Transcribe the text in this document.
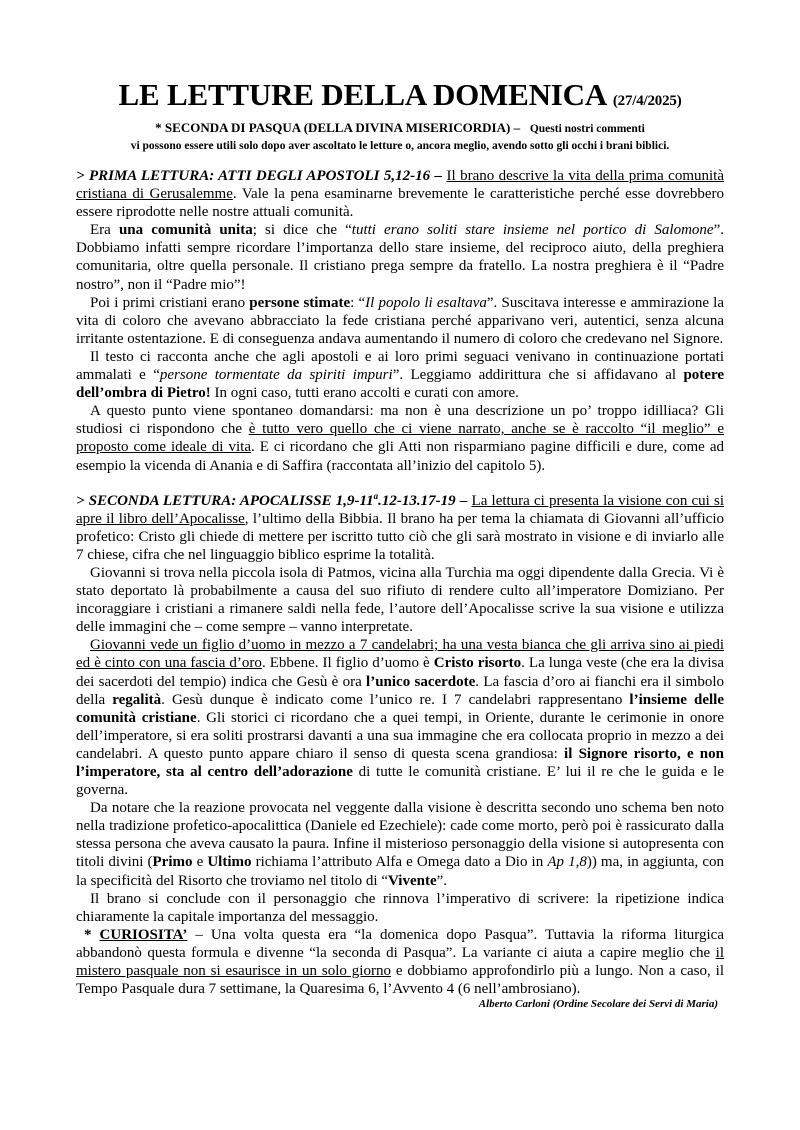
LE LETTURE DELLA DOMENICA (27/4/2025)
* SECONDA DI PASQUA (DELLA DIVINA MISERICORDIA) – Questi nostri commenti
vi possono essere utili solo dopo aver ascoltato le letture o, ancora meglio, avendo sotto gli occhi i brani biblici.

> PRIMA LETTURA: ATTI DEGLI APOSTOLI 5,12-16 – Il brano descrive la vita della prima comunità cristiana di Gerusalemme. Vale la pena esaminarne brevemente le caratteristiche perché esse dovrebbero essere riprodotte nelle nostre attuali comunità.

Era una comunità unita; si dice che “tutti erano soliti stare insieme nel portico di Salomone”. Dobbiamo infatti sempre ricordare l’importanza dello stare insieme, del reciproco aiuto, della preghiera comunitaria, oltre quella personale. Il cristiano prega sempre da fratello. La nostra preghiera è il “Padre nostro”, non il “Padre mio”!

Poi i primi cristiani erano persone stimate: “Il popolo li esaltava”. Suscitava interesse e ammirazione la vita di coloro che avevano abbracciato la fede cristiana perché apparivano veri, autentici, senza alcuna irritante ostentazione. E di conseguenza andava aumentando il numero di coloro che credevano nel Signore.

Il testo ci racconta anche che agli apostoli e ai loro primi seguaci venivano in continuazione portati ammalati e “persone tormentate da spiriti impuri”. Leggiamo addirittura che si affidavano al potere dell’ombra di Pietro! In ogni caso, tutti erano accolti e curati con amore.

A questo punto viene spontaneo domandarsi: ma non è una descrizione un po’ troppo idilliaca? Gli studiosi ci rispondono che è tutto vero quello che ci viene narrato, anche se è raccolto “il meglio” e proposto come ideale di vita. E ci ricordano che gli Atti non risparmiano pagine difficili e dure, come ad esempio la vicenda di Anania e di Saffira (raccontata all’inizio del capitolo 5).

> SECONDA LETTURA: APOCALISSE 1,9-11$^a$.12-13.17-19 – La lettura ci presenta la visione con cui si apre il libro dell’Apocalisse, l’ultimo della Bibbia. Il brano ha per tema la chiamata di Giovanni all’ufficio profetico: Cristo gli chiede di mettere per iscritto tutto ciò che gli sarà mostrato in visione e di inviarlo alle 7 chiese, cifra che nel linguaggio biblico esprime la totalità.

Giovanni si trova nella piccola isola di Patmos, vicina alla Turchia ma oggi dipendente dalla Grecia. Vi è stato deportato là probabilmente a causa del suo rifiuto di rendere culto all’imperatore Domiziano. Per incoraggiare i cristiani a rimanere saldi nella fede, l’autore dell’Apocalisse scrive la sua visione e utilizza delle immagini che – come sempre – vanno interpretate.

Giovanni vede un figlio d’uomo in mezzo a 7 candelabri; ha una vesta bianca che gli arriva sino ai piedi ed è cinto con una fascia d’oro. Ebbene. Il figlio d’uomo è Cristo risorto. La lunga veste (che era la divisa dei sacerdoti del tempio) indica che Gesù è ora l’unico sacerdote. La fascia d’oro ai fianchi era il simbolo della regalità. Gesù dunque è indicato come l’unico re. I 7 candelabri rappresentano l’insieme delle comunità cristiane. Gli storici ci ricordano che a quei tempi, in Oriente, durante le cerimonie in onore dell’imperatore, si era soliti prostrarsi davanti a una sua immagine che era collocata proprio in mezzo a dei candelabri. A questo punto appare chiaro il senso di questa scena grandiosa: il Signore risorto, e non l’imperatore, sta al centro dell’adorazione di tutte le comunità cristiane. E’ lui il re che le guida e le governa.

Da notare che la reazione provocata nel veggente dalla visione è descritta secondo uno schema ben noto nella tradizione profetico-apocalittica (Daniele ed Ezechiele): cade come morto, però poi è rassicurato dalla stessa persona che aveva causato la paura. Infine il misterioso personaggio della visione si autopresenta con titoli divini (Primo e Ultimo richiama l’attributo Alfa e Omega dato a Dio in Ap 1,8)) ma, in aggiunta, con la specificità del Risorto che troviamo nel titolo di “Vivente”.

Il brano si conclude con il personaggio che rinnova l’imperativo di scrivere: la ripetizione indica chiaramente la capitale importanza del messaggio.

* CURIOSITA’ – Una volta questa era “la domenica dopo Pasqua”. Tuttavia la riforma liturgica abbandonò questa formula e divenne “la seconda di Pasqua”. La variante ci aiuta a capire meglio che il mistero pasquale non si esaurisce in un solo giorno e dobbiamo approfondirlo più a lungo. Non a caso, il Tempo Pasquale dura 7 settimane, la Quaresima 6, l’Avvento 4 (6 nell’ambrosiano).

Alberto Carloni (Ordine Secolare dei Servi di Maria)
